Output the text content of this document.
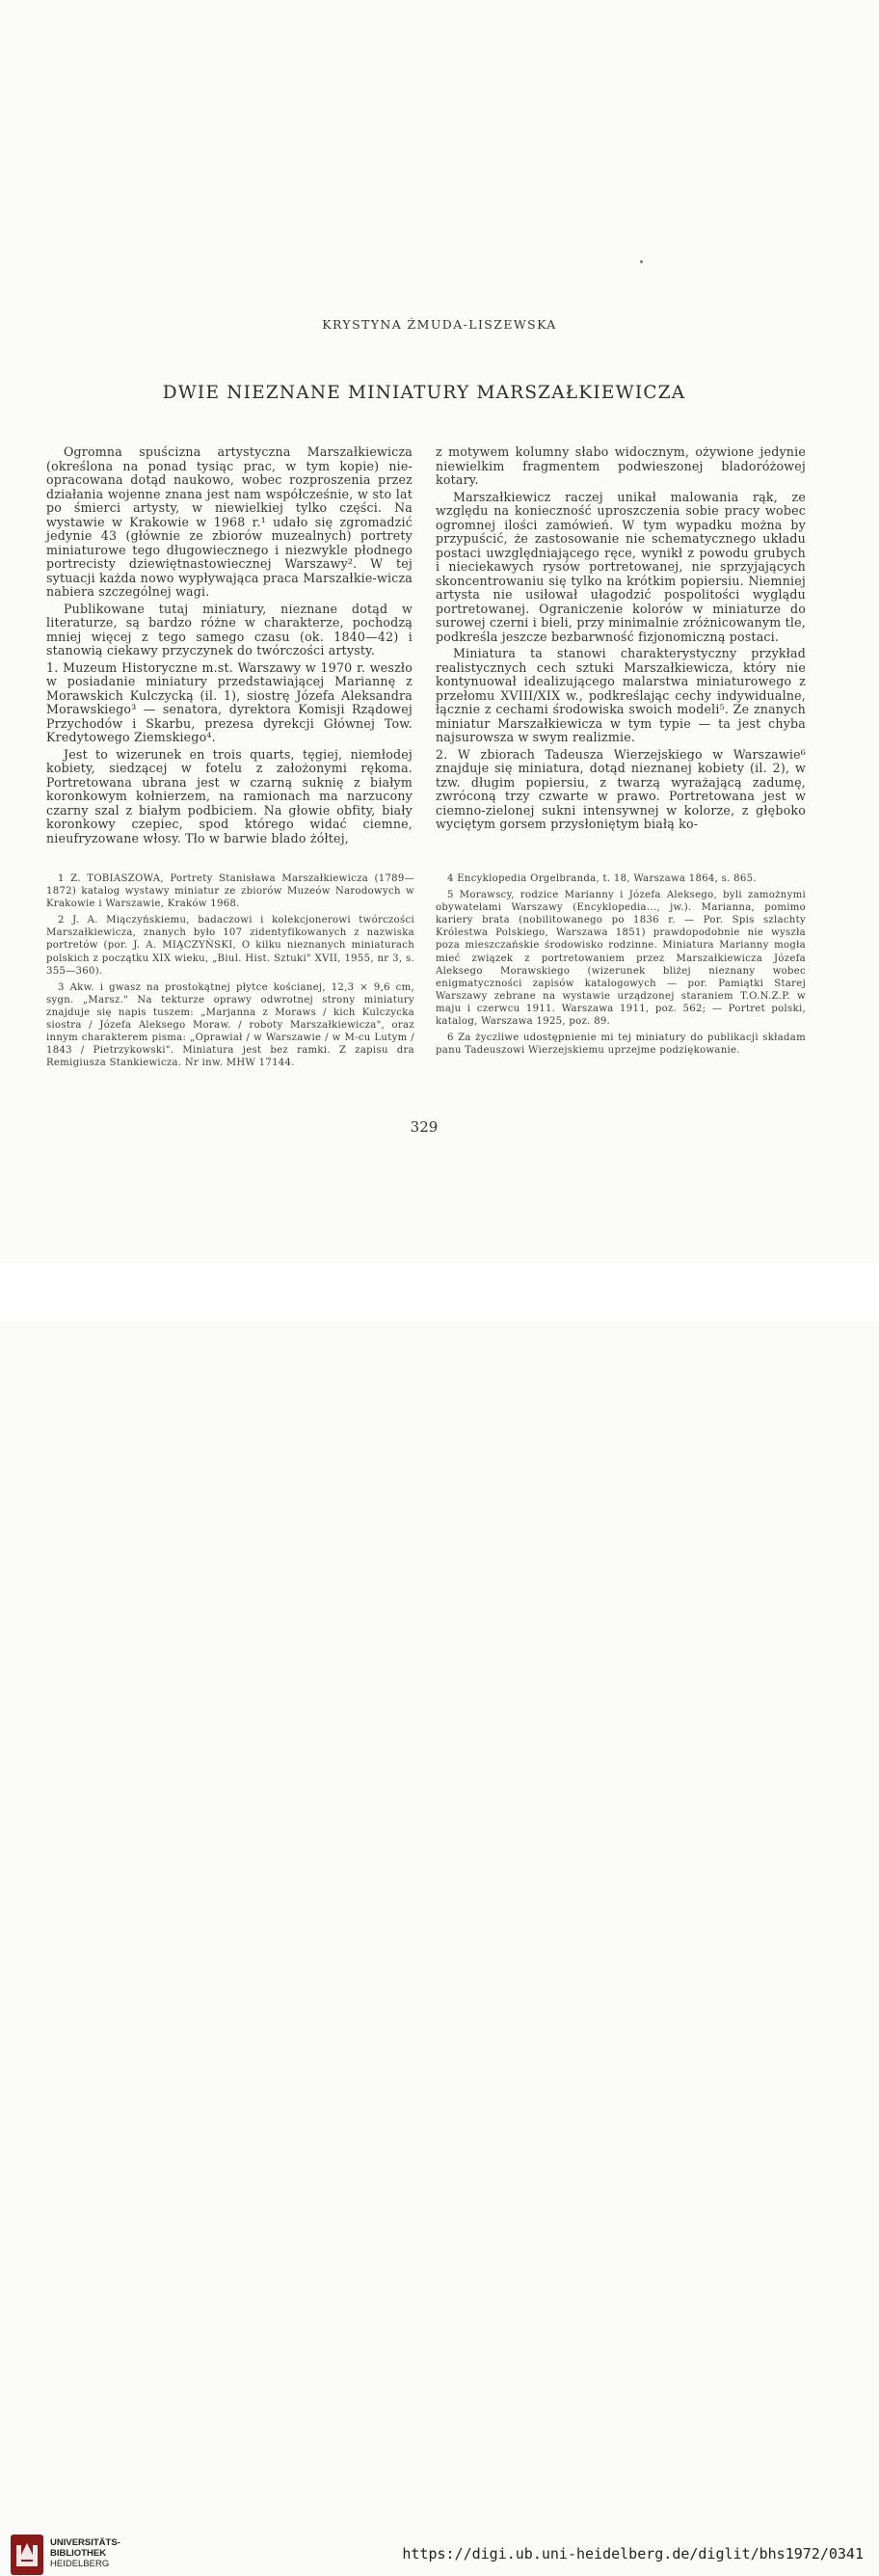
KRYSTYNA ŻMUDA-LISZEWSKA
DWIE NIEZNANE MINIATURY MARSZAŁKIEWICZA

Ogromna spuścizna artystyczna Marszałkiewicza (określona na ponad tysiąc prac, w tym kopie) nie-opracowana dotąd naukowo, wobec rozproszenia przez działania wojenne znana jest nam współcześnie, w sto lat po śmierci artysty, w niewielkiej tylko części. Na wystawie w Krakowie w 1968 r.¹ udało się zgromadzić jedynie 43 (głównie ze zbiorów muzealnych) portrety miniaturowe tego długowiecznego i niezwykle płodnego portrecisty dziewiętnastowiecznej Warszawy². W tej sytuacji każda nowo wypływająca praca Marszałkie-wicza nabiera szczególnej wagi.

Publikowane tutaj miniatury, nieznane dotąd w literaturze, są bardzo różne w charakterze, pochodzą mniej więcej z tego samego czasu (ok. 1840—42) i stanowią ciekawy przyczynek do twórczości artysty.

1. Muzeum Historyczne m.st. Warszawy w 1970 r. weszło w posiadanie miniatury przedstawiającej Mariannę z Morawskich Kulczycką (il. 1), siostrę Józefa Aleksandra Morawskiego³ — senatora, dyrektora Komisji Rządowej Przychodów i Skarbu, prezesa dyrekcji Głównej Tow. Kredytowego Ziemskiego⁴.

Jest to wizerunek en trois quarts, tęgiej, niemłodej kobiety, siedzącej w fotelu z założonymi rękoma. Portretowana ubrana jest w czarną suknię z białym koronkowym kołnierzem, na ramionach ma narzucony czarny szal z białym podbiciem. Na głowie obfity, biały koronkowy czepiec, spod którego widać ciemne, nieufryzowane włosy. Tło w barwie blado żółtej,

z motywem kolumny słabo widocznym, ożywione jedynie niewielkim fragmentem podwieszonej bladoróżowej kotary.

Marszałkiewicz raczej unikał malowania rąk, ze względu na konieczność uproszczenia sobie pracy wobec ogromnej ilości zamówień. W tym wypadku można by przypuścić, że zastosowanie nie schematycznego układu postaci uwzględniającego ręce, wynikł z powodu grubych i nieciekawych rysów portretowanej, nie sprzyjających skoncentrowaniu się tylko na krótkim popiersiu. Niemniej artysta nie usiłował ułagodzić pospolitości wyglądu portretowanej. Ograniczenie kolorów w miniaturze do surowej czerni i bieli, przy minimalnie zróżnicowanym tle, podkreśla jeszcze bezbarwność fizjonomiczną postaci.

Miniatura ta stanowi charakterystyczny przykład realistycznych cech sztuki Marszałkiewicza, który nie kontynuował idealizującego malarstwa miniaturowego z przełomu XVIII/XIX w., podkreślając cechy indywidualne, łącznie z cechami środowiska swoich modeli⁵. Ze znanych miniatur Marszałkiewicza w tym typie — ta jest chyba najsurowsza w swym realizmie.

2. W zbiorach Tadeusza Wierzejskiego w Warszawie⁶ znajduje się miniatura, dotąd nieznanej kobiety (il. 2), w tzw. długim popiersiu, z twarzą wyrażającą zadumę, zwróconą trzy czwarte w prawo. Portretowana jest w ciemno-zielonej sukni intensywnej w kolorze, z głęboko wyciętym gorsem przysłoniętym białą ko-

1 Z. TOBIASZOWA, Portrety Stanisława Marszałkiewicza (1789—1872) katalog wystawy miniatur ze zbiorów Muzeów Narodowych w Krakowie i Warszawie, Kraków 1968.

2 J. A. Miączyńskiemu, badaczowi i kolekcjonerowi twórczości Marszałkiewicza, znanych było 107 zidentyfikowanych z nazwiska portretów (por. J. A. MIĄCZYŃSKI, O kilku nieznanych miniaturach polskich z początku XIX wieku, „Biul. Hist. Sztuki" XVII, 1955, nr 3, s. 355—360).

3 Akw. i gwasz na prostokątnej płytce kościanej, 12,3 × 9,6 cm, sygn. „Marsz." Na tekturze oprawy odwrotnej strony miniatury znajduje się napis tuszem: „Marjanna z Moraws / kich Kulczycka siostra / Józefa Aleksego Moraw. / roboty Marszałkiewicza", oraz innym charakterem pisma: „Oprawiał / w Warszawie / w M-cu Lutym / 1843 / Pietrzykowski". Miniatura jest bez ramki. Z zapisu dra Remigiusza Stankiewicza. Nr inw. MHW 17144.

4 Encyklopedia Orgelbranda, t. 18, Warszawa 1864, s. 865.

5 Morawscy, rodzice Marianny i Józefa Aleksego, byli zamożnymi obywatelami Warszawy (Encyklopedia..., jw.). Marianna, pomimo kariery brata (nobilitowanego po 1836 r. — Por. Spis szlachty Królestwa Polskiego, Warszawa 1851) prawdopodobnie nie wyszła poza mieszczańskie środowisko rodzinne. Miniatura Marianny mogła mieć związek z portretowaniem przez Marszałkiewicza Józefa Aleksego Morawskiego (wizerunek bliżej nieznany wobec enigmatyczności zapisów katalogowych — por. Pamiątki Starej Warszawy zebrane na wystawie urządzonej staraniem T.O.N.Z.P. w maju i czerwcu 1911. Warszawa 1911, poz. 562; — Portret polski, katalog, Warszawa 1925, poz. 89.

6 Za życzliwe udostępnienie mi tej miniatury do publikacji składam panu Tadeuszowi Wierzejskiemu uprzejme podziękowanie.

329
UNIVERSITÄTS-
BIBLIOTHEK
HEIDELBERG
https://digi.ub.uni-heidelberg.de/diglit/bhs1972/0341
